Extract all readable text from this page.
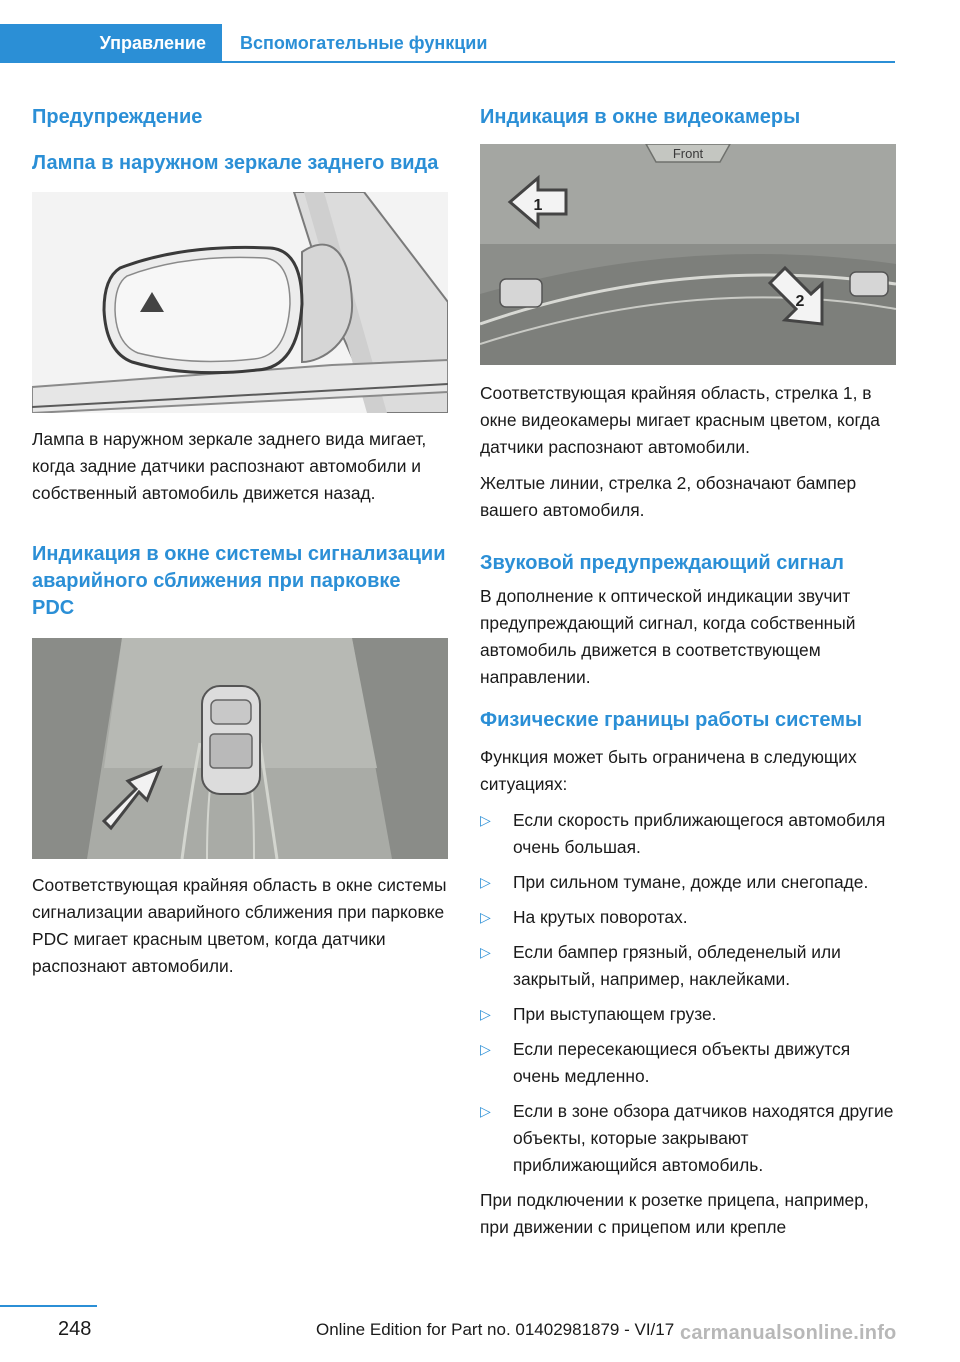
Управление	Вспомогательные функции
Предупреждение
Лампа в наружном зеркале заднего вида

Лампа в наружном зеркале заднего вида мигает, когда задние датчики распознают автомобили и собственный автомобиль движется назад.

Индикация в окне системы сигнализации аварийного сближения при парковке PDC

Соответствующая крайняя область в окне системы сигнализации аварийного сближения при парковке PDC мигает красным цветом, когда датчики распознают автомобили.

Индикация в окне видеокамеры
Front
1
2

Соответствующая крайняя область, стрелка 1, в окне видеокамеры мигает красным цветом, когда датчики распознают автомобили.

Желтые линии, стрелка 2, обозначают бампер вашего автомобиля.

Звуковой предупреждающий сигнал

В дополнение к оптической индикации звучит предупреждающий сигнал, когда собственный автомобиль движется в соответствующем направлении.

Физические границы работы системы

Функция может быть ограничена в следующих ситуациях:

▷ Если скорость приближающегося автомобиля очень большая.
▷ При сильном тумане, дожде или снегопаде.
▷ На крутых поворотах.
▷ Если бампер грязный, обледенелый или закрытый, например, наклейками.
▷ При выступающем грузе.
▷ Если пересекающиеся объекты движутся очень медленно.
▷ Если в зоне обзора датчиков находятся другие объекты, которые закрывают приближающийся автомобиль.

При подключении к розетке прицепа, например, при движении с прицепом или крепле

248	Online Edition for Part no. 01402981879 - VI/17 carmanualsonline.info
